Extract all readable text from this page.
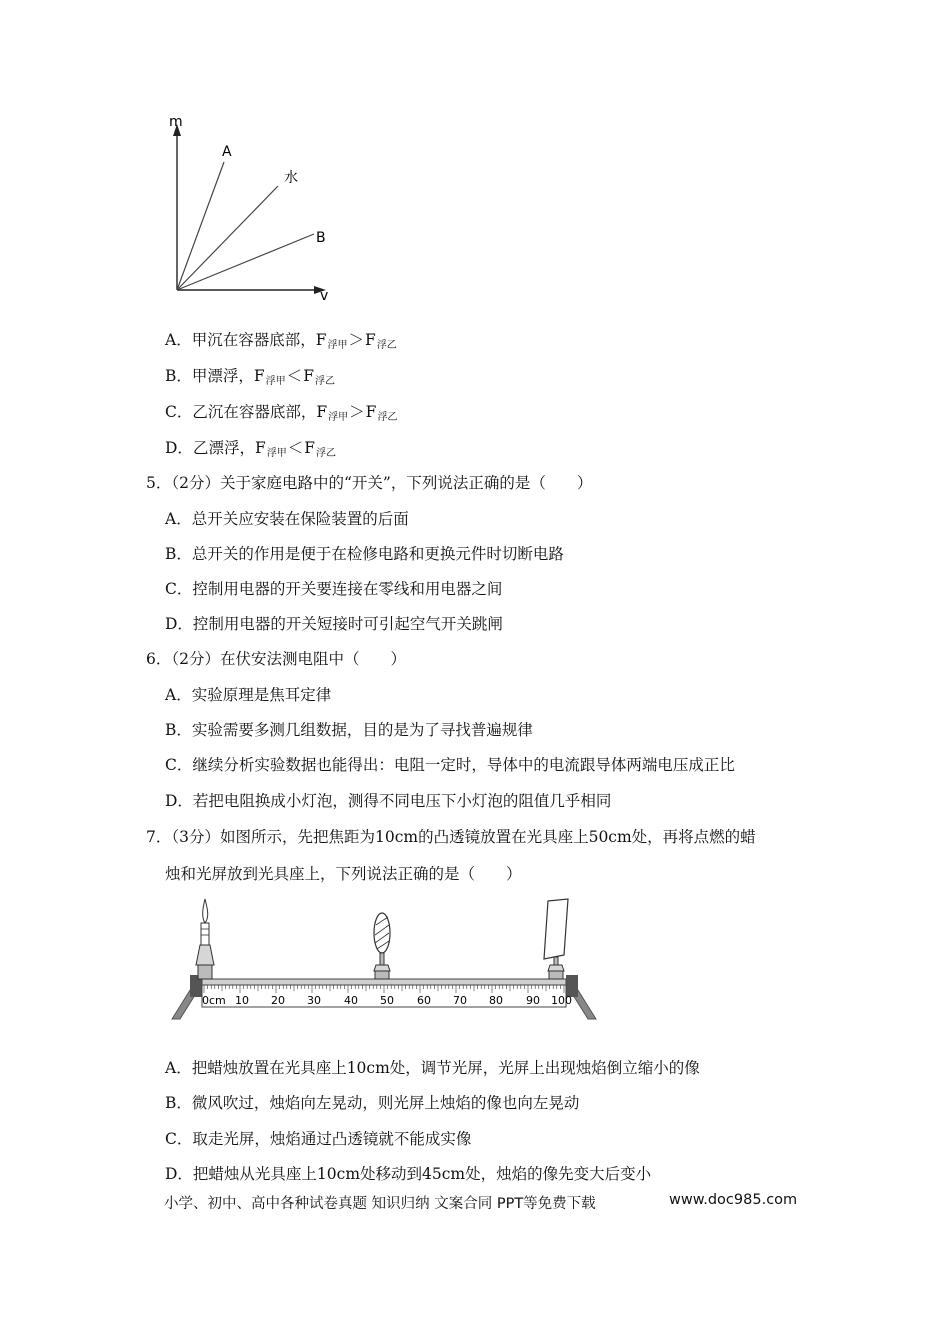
m
v
A
水
B
A．甲沉在容器底部，$F_{浮甲}>F_{浮乙}$
B．甲漂浮，$F_{浮甲}<F_{浮乙}$
C．乙沉在容器底部，$F_{浮甲}>F_{浮乙}$
D．乙漂浮，$F_{浮甲}<F_{浮乙}$
5．（2分）关于家庭电路中的“开关”，下列说法正确的是（　　）
A．总开关应安装在保险装置的后面
B．总开关的作用是便于在检修电路和更换元件时切断电路
C．控制用电器的开关要连接在零线和用电器之间
D．控制用电器的开关短接时可引起空气开关跳闸
6．（2分）在伏安法测电阻中（　　）
A．实验原理是焦耳定律
B．实验需要多测几组数据，目的是为了寻找普遍规律
C．继续分析实验数据也能得出：电阻一定时，导体中的电流跟导体两端电压成正比
D．若把电阻换成小灯泡，测得不同电压下小灯泡的阻值几乎相同
7．（3分）如图所示，先把焦距为10cm的凸透镜放置在光具座上50cm处，再将点燃的蜡
烛和光屏放到光具座上，下列说法正确的是（　　）
0cm 10 20 30 40 50 60 70 80 90 100
A．把蜡烛放置在光具座上10cm处，调节光屏，光屏上出现烛焰倒立缩小的像
B．微风吹过，烛焰向左晃动，则光屏上烛焰的像也向左晃动
C．取走光屏，烛焰通过凸透镜就不能成实像
D．把蜡烛从光具座上10cm处移动到45cm处，烛焰的像先变大后变小
小学、初中、高中各种试卷真题 知识归纳 文案合同 PPT等免费下载	www.doc985.com
